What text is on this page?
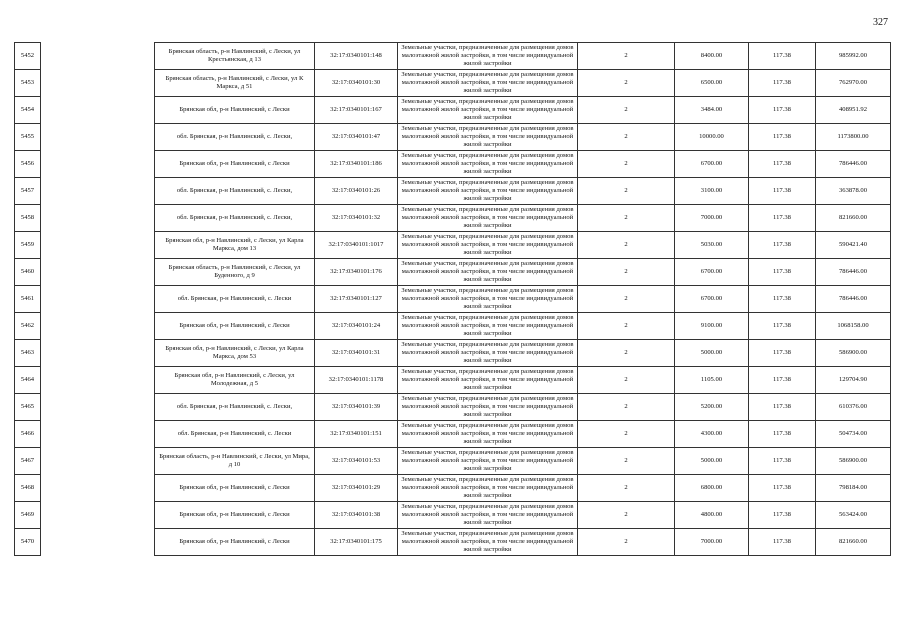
327
5452		Брянская область, р-н Навлинский, с Лески, ул Крестьянская, д 13	32:17:0340101:148	Земельные участки, предназначенные для размещения домов малоэтажной жилой застройки, в том числе индивидуальной жилой застройки	2	8400.00	117.38	985992.00
5453		Брянская область, р-н Навлинский, с Лески, ул К Маркса, д 51	32:17:0340101:30	Земельные участки, предназначенные для размещения домов малоэтажной жилой застройки, в том числе индивидуальной жилой застройки	2	6500.00	117.38	762970.00
5454		Брянская обл, р-н Навлинский, с Лески	32:17:0340101:167	Земельные участки, предназначенные для размещения домов малоэтажной жилой застройки, в том числе индивидуальной жилой застройки	2	3484.00	117.38	408951.92
5455		обл. Брянская, р-н Навлинский, с. Лески,	32:17:0340101:47	Земельные участки, предназначенные для размещения домов малоэтажной жилой застройки, в том числе индивидуальной жилой застройки	2	10000.00	117.38	1173800.00
5456		Брянская обл, р-н Навлинский, с Лески	32:17:0340101:186	Земельные участки, предназначенные для размещения домов малоэтажной жилой застройки, в том числе индивидуальной жилой застройки	2	6700.00	117.38	786446.00
5457		обл. Брянская, р-н Навлинский, с. Лески,	32:17:0340101:26	Земельные участки, предназначенные для размещения домов малоэтажной жилой застройки, в том числе индивидуальной жилой застройки	2	3100.00	117.38	363878.00
5458		обл. Брянская, р-н Навлинский, с. Лески,	32:17:0340101:32	Земельные участки, предназначенные для размещения домов малоэтажной жилой застройки, в том числе индивидуальной жилой застройки	2	7000.00	117.38	821660.00
5459		Брянская обл, р-н Навлинский, с Лески, ул Карла Маркса, дом 13	32:17:0340101:1017	Земельные участки, предназначенные для размещения домов малоэтажной жилой застройки, в том числе индивидуальной жилой застройки	2	5030.00	117.38	590421.40
5460		Брянская область, р-н Навлинский, с Лески, ул Буденного, д 9	32:17:0340101:176	Земельные участки, предназначенные для размещения домов малоэтажной жилой застройки, в том числе индивидуальной жилой застройки	2	6700.00	117.38	786446.00
5461		обл. Брянская, р-н Навлинский, с. Лески	32:17:0340101:127	Земельные участки, предназначенные для размещения домов малоэтажной жилой застройки, в том числе индивидуальной жилой застройки	2	6700.00	117.38	786446.00
5462		Брянская обл, р-н Навлинский, с Лески	32:17:0340101:24	Земельные участки, предназначенные для размещения домов малоэтажной жилой застройки, в том числе индивидуальной жилой застройки	2	9100.00	117.38	1068158.00
5463		Брянская обл, р-н Навлинский, с Лески, ул Карла Маркса, дом 53	32:17:0340101:31	Земельные участки, предназначенные для размещения домов малоэтажной жилой застройки, в том числе индивидуальной жилой застройки	2	5000.00	117.38	586900.00
5464		Брянская обл, р-н Навлинский, с Лески, ул Молодежная, д 5	32:17:0340101:1178	Земельные участки, предназначенные для размещения домов малоэтажной жилой застройки, в том числе индивидуальной жилой застройки	2	1105.00	117.38	129704.90
5465		обл. Брянская, р-н Навлинский, с. Лески,	32:17:0340101:39	Земельные участки, предназначенные для размещения домов малоэтажной жилой застройки, в том числе индивидуальной жилой застройки	2	5200.00	117.38	610376.00
5466		обл. Брянская, р-н Навлинский, с. Лески	32:17:0340101:151	Земельные участки, предназначенные для размещения домов малоэтажной жилой застройки, в том числе индивидуальной жилой застройки	2	4300.00	117.38	504734.00
5467		Брянская область, р-н Навлинский, с Лески, ул Мира, д 10	32:17:0340101:53	Земельные участки, предназначенные для размещения домов малоэтажной жилой застройки, в том числе индивидуальной жилой застройки	2	5000.00	117.38	586900.00
5468		Брянская обл, р-н Навлинский, с Лески	32:17:0340101:29	Земельные участки, предназначенные для размещения домов малоэтажной жилой застройки, в том числе индивидуальной жилой застройки	2	6800.00	117.38	798184.00
5469		Брянская обл, р-н Навлинский, с Лески	32:17:0340101:38	Земельные участки, предназначенные для размещения домов малоэтажной жилой застройки, в том числе индивидуальной жилой застройки	2	4800.00	117.38	563424.00
5470		Брянская обл, р-н Навлинский, с Лески	32:17:0340101:175	Земельные участки, предназначенные для размещения домов малоэтажной жилой застройки, в том числе индивидуальной жилой застройки	2	7000.00	117.38	821660.00
